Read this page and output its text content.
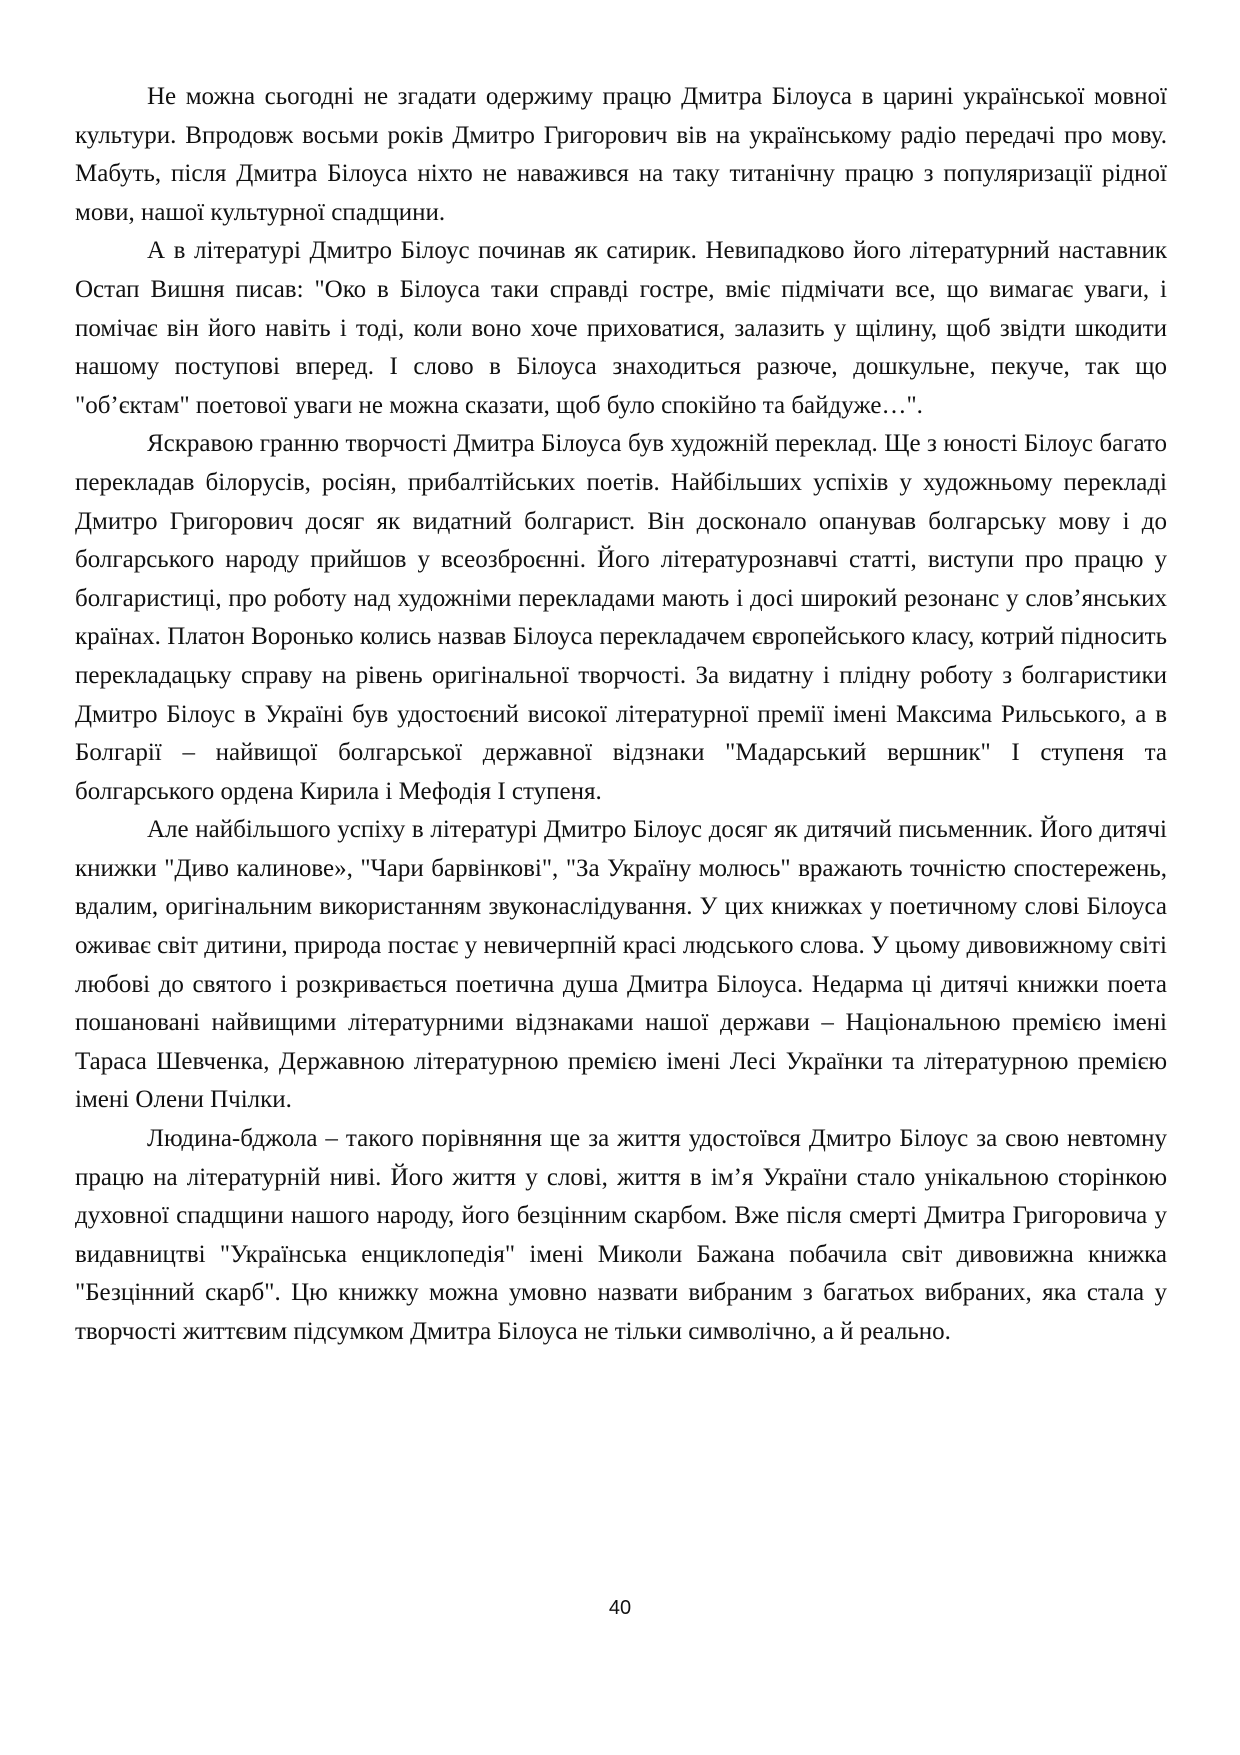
Не можна сьогодні не згадати одержиму працю Дмитра Білоуса в царині української мовної культури. Впродовж восьми років Дмитро Григорович вів на українському радіо передачі про мову. Мабуть, після Дмитра Білоуса ніхто не наважився на таку титанічну працю з популяризації рідної мови, нашої культурної спадщини.

А в літературі Дмитро Білоус починав як сатирик. Невипадково його літературний наставник Остап Вишня писав: "Око в Білоуса таки справді гостре, вміє підмічати все, що вимагає уваги, і помічає він його навіть і тоді, коли воно хоче приховатися, залазить у щілину, щоб звідти шкодити нашому поступові вперед. І слово в Білоуса знаходиться разюче, дошкульне, пекуче, так що "об’єктам" поетової уваги не можна сказати, щоб було спокійно та байдуже…".

Яскравою гранню творчості Дмитра Білоуса був художній переклад. Ще з юності Білоус багато перекладав білорусів, росіян, прибалтійських поетів. Найбільших успіхів у художньому перекладі Дмитро Григорович досяг як видатний болгарист. Він досконало опанував болгарську мову і до болгарського народу прийшов у всеозброєнні. Його літературознавчі статті, виступи про працю у болгаристиці, про роботу над художніми перекладами мають і досі широкий резонанс у слов’янських країнах. Платон Воронько колись назвав Білоуса перекладачем європейського класу, котрий підносить перекладацьку справу на рівень оригінальної творчості. За видатну і плідну роботу з болгаристики Дмитро Білоус в Україні був удостоєний високої літературної премії імені Максима Рильського, а в Болгарії – найвищої болгарської державної відзнаки "Мадарський вершник" І ступеня та болгарського ордена Кирила і Мефодія І ступеня.

Але найбільшого успіху в літературі Дмитро Білоус досяг як дитячий письменник. Його дитячі книжки "Диво калинове», "Чари барвінкові", "За Україну молюсь" вражають точністю спостережень, вдалим, оригінальним використанням звуконаслідування. У цих книжках у поетичному слові Білоуса оживає світ дитини, природа постає у невичерпній красі людського слова. У цьому дивовижному світі любові до святого і розкривається поетична душа Дмитра Білоуса. Недарма ці дитячі книжки поета пошановані найвищими літературними відзнаками нашої держави – Національною премією імені Тараса Шевченка, Державною літературною премією імені Лесі Українки та літературною премією імені Олени Пчілки.

Людина-бджола – такого порівняння ще за життя удостоївся Дмитро Білоус за свою невтомну працю на літературній ниві. Його життя у слові, життя в ім’я України стало унікальною сторінкою духовної спадщини нашого народу, його безцінним скарбом. Вже після смерті Дмитра Григоровича у видавництві "Українська енциклопедія" імені Миколи Бажана побачила світ дивовижна книжка "Безцінний скарб". Цю книжку можна умовно назвати вибраним з багатьох вибраних, яка стала у творчості життєвим підсумком Дмитра Білоуса не тільки символічно, а й реально.

40
